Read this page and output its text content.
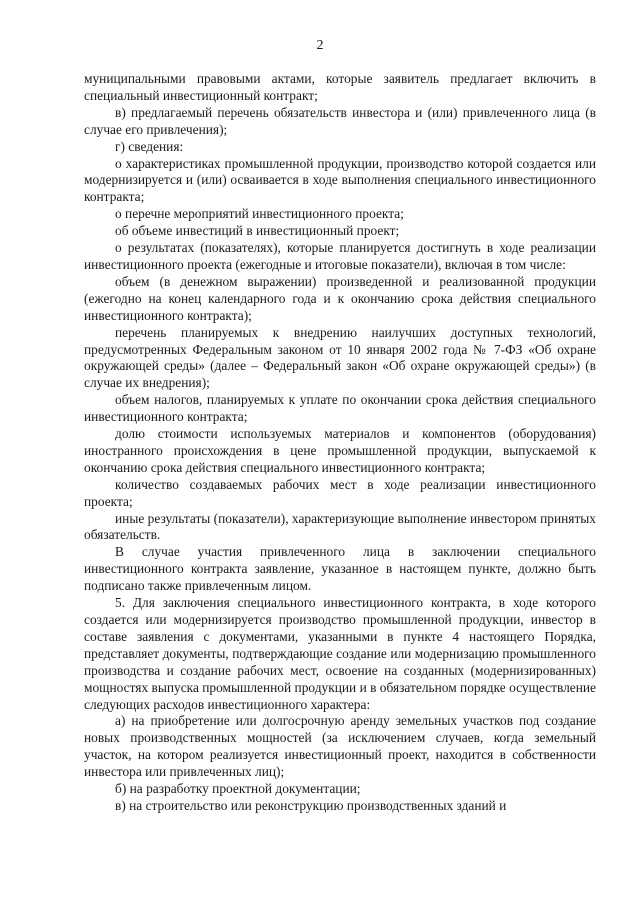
2

муниципальными правовыми актами, которые заявитель предлагает включить в специальный инвестиционный контракт;

в) предлагаемый перечень обязательств инвестора и (или) привлеченного лица (в случае его привлечения);

г) сведения:

о характеристиках промышленной продукции, производство которой создается или модернизируется и (или) осваивается в ходе выполнения специального инвестиционного контракта;

о перечне мероприятий инвестиционного проекта;

об объеме инвестиций в инвестиционный проект;

о результатах (показателях), которые планируется достигнуть в ходе реализации инвестиционного проекта (ежегодные и итоговые показатели), включая в том числе:

объем (в денежном выражении) произведенной и реализованной продукции (ежегодно на конец календарного года и к окончанию срока действия специального инвестиционного контракта);

перечень планируемых к внедрению наилучших доступных технологий, предусмотренных Федеральным законом от 10 января 2002 года № 7-ФЗ «Об охране окружающей среды» (далее – Федеральный закон «Об охране окружающей среды») (в случае их внедрения);

объем налогов, планируемых к уплате по окончании срока действия специального инвестиционного контракта;

долю стоимости используемых материалов и компонентов (оборудования) иностранного происхождения в цене промышленной продукции, выпускаемой к окончанию срока действия специального инвестиционного контракта;

количество создаваемых рабочих мест в ходе реализации инвестиционного проекта;

иные результаты (показатели), характеризующие выполнение инвестором принятых обязательств.

В случае участия привлеченного лица в заключении специального инвестиционного контракта заявление, указанное в настоящем пункте, должно быть подписано также привлеченным лицом.

5. Для заключения специального инвестиционного контракта, в ходе которого создается или модернизируется производство промышленной продукции, инвестор в составе заявления с документами, указанными в пункте 4 настоящего Порядка, представляет документы, подтверждающие создание или модернизацию промышленного производства и создание рабочих мест, освоение на созданных (модернизированных) мощностях выпуска промышленной продукции и в обязательном порядке осуществление следующих расходов инвестиционного характера:

а) на приобретение или долгосрочную аренду земельных участков под создание новых производственных мощностей (за исключением случаев, когда земельный участок, на котором реализуется инвестиционный проект, находится в собственности инвестора или привлеченных лиц);

б) на разработку проектной документации;

в) на строительство или реконструкцию производственных зданий и
